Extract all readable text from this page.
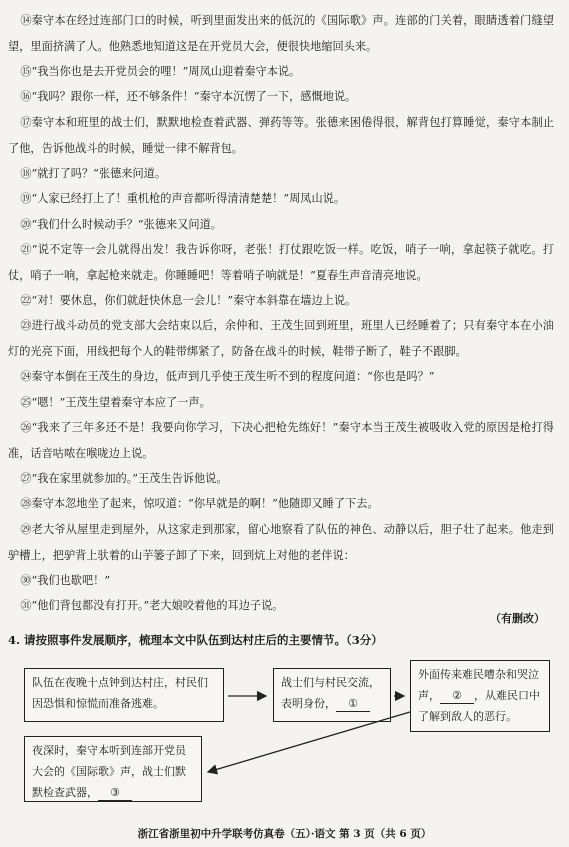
⑭秦守本在经过连部门口的时候，听到里面发出来的低沉的《国际歌》声。连部的门关着，眼睛透着门缝望望，里面挤满了人。他熟悉地知道这是在开党员大会，便很快地缩回头来。

⑮“我当你也是去开党员会的哩！”周凤山迎着秦守本说。

⑯“我吗？跟你一样，还不够条件！”秦守本沉愣了一下，感慨地说。

⑰秦守本和班里的战士们，默默地检查着武器、弹药等等。张德来困倦得很，解背包打算睡觉，秦守本制止了他，告诉他战斗的时候，睡觉一律不解背包。

⑱“就打了吗？”张德来问道。

⑲“人家已经打上了！重机枪的声音都听得清清楚楚！”周凤山说。

⑳“我们什么时候动手？”张德来又问道。

㉑“说不定等一会儿就得出发！我告诉你呀，老张！打仗跟吃饭一样。吃饭，哨子一响，拿起筷子就吃。打仗，哨子一响，拿起枪来就走。你睡睡吧！等着哨子响就是！”夏春生声音清亮地说。

㉒“对！要休息，你们就赶快休息一会儿！”秦守本斜靠在墙边上说。

㉓进行战斗动员的党支部大会结束以后，余仲和、王茂生回到班里，班里人已经睡着了；只有秦守本在小油灯的光亮下面，用线把每个人的鞋带绑紧了，防备在战斗的时候，鞋带子断了，鞋子不跟脚。

㉔秦守本倒在王茂生的身边，低声到几乎使王茂生听不到的程度问道：“你也是吗？”

㉕“嗯！”王茂生望着秦守本应了一声。

㉖“我来了三年多还不是！我要向你学习，下决心把枪先练好！”秦守本当王茂生被吸收入党的原因是枪打得准，话音咕哝在喉咙边上说。

㉗“我在家里就参加的。”王茂生告诉他说。

㉘秦守本忽地坐了起来，惊叹道：“你早就是的啊！”他随即又睡了下去。

㉙老大爷从屋里走到屋外，从这家走到那家，留心地察看了队伍的神色、动静以后，胆子壮了起来。他走到驴槽上，把驴背上驮着的山芋篓子卸了下来，回到炕上对他的老伴说：

㉚“我们也歇吧！”

㉛“他们背包都没有打开。”老大娘咬着他的耳边子说。

（有删改）
4. 请按照事件发展顺序，梳理本文中队伍到达村庄后的主要情节。（3分）
队伍在夜晚十点钟到达村庄，村民们因恐惧和惊慌而准备逃难。
战士们与村民交流，表明身份， ①
外面传来难民嘈杂和哭泣声， ② ，从难民口中了解到敌人的恶行。
夜深时，秦守本听到连部开党员大会的《国际歌》声，战士们默默检查武器， ③
浙江省浙里初中升学联考仿真卷（五）·语文 第 3 页（共 6 页）
